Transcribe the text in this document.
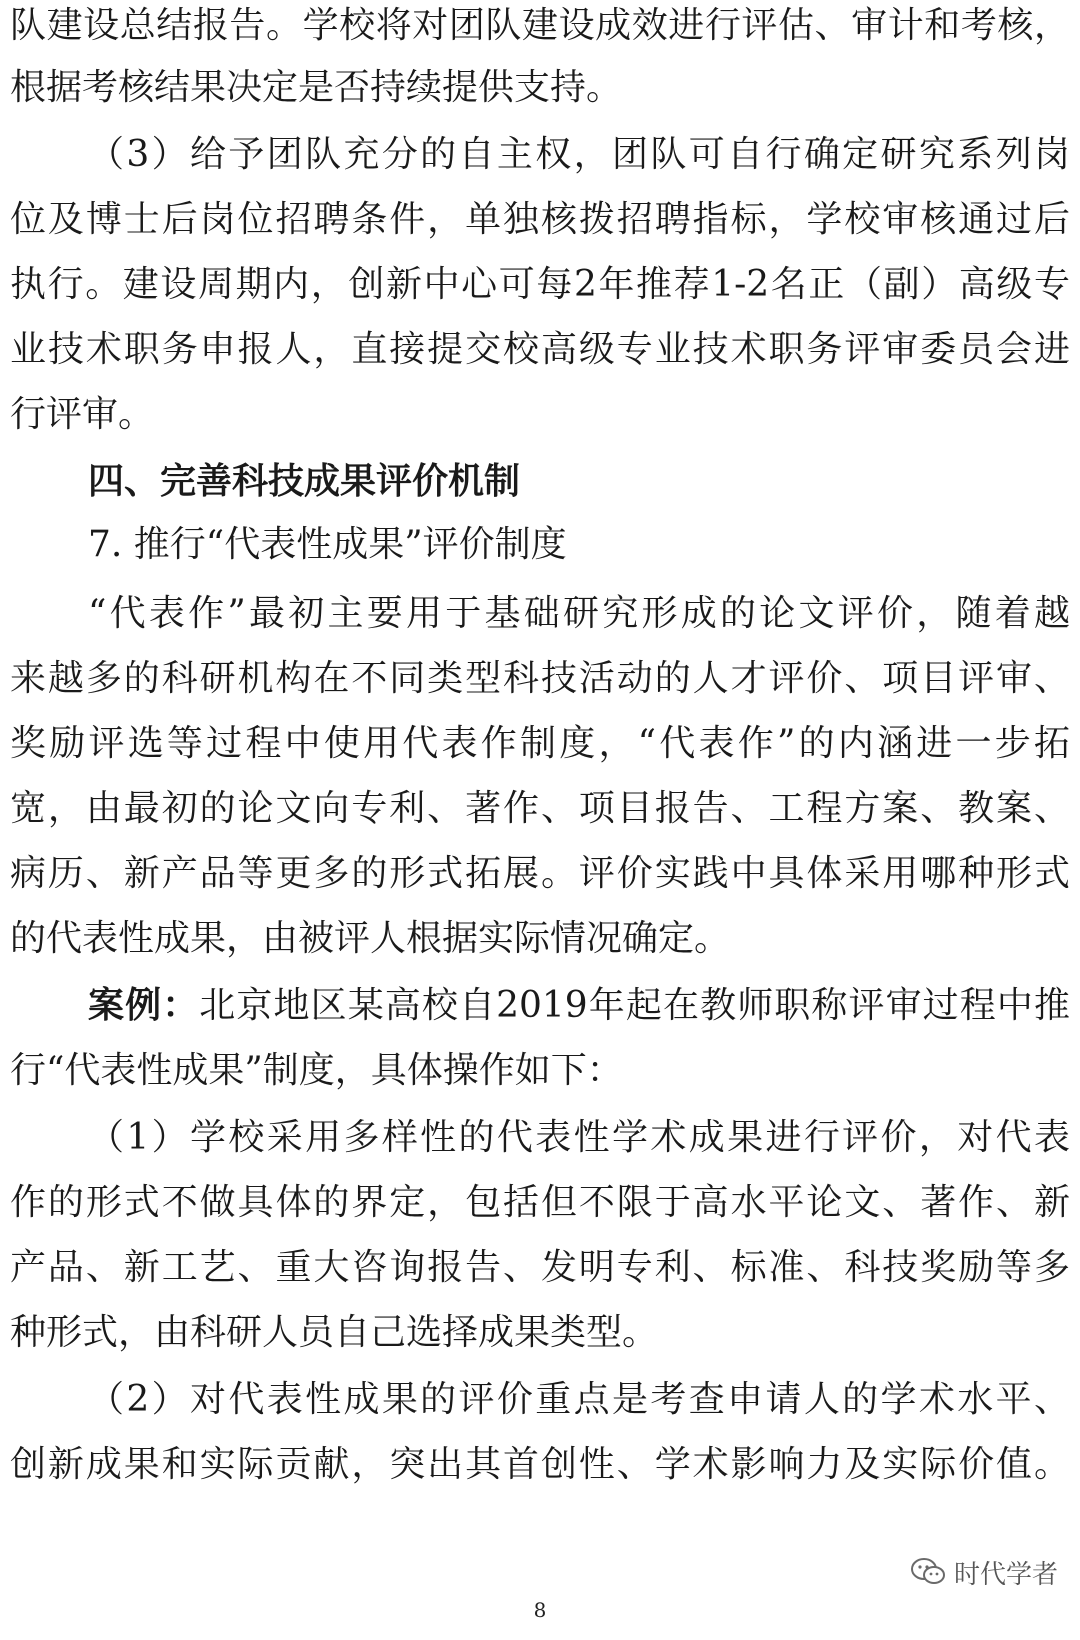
队建设总结报告。学校将对团队建设成效进行评估、审计和考核，
根据考核结果决定是否持续提供支持。
（3）给予团队充分的自主权，团队可自行确定研究系列岗
位及博士后岗位招聘条件，单独核拨招聘指标，学校审核通过后
执行。建设周期内，创新中心可每2年推荐1-2名正（副）高级专
业技术职务申报人，直接提交校高级专业技术职务评审委员会进
行评审。
四、完善科技成果评价机制
7. 推行“代表性成果”评价制度
“代表作”最初主要用于基础研究形成的论文评价，随着越
来越多的科研机构在不同类型科技活动的人才评价、项目评审、
奖励评选等过程中使用代表作制度，“代表作”的内涵进一步拓
宽，由最初的论文向专利、著作、项目报告、工程方案、教案、
病历、新产品等更多的形式拓展。评价实践中具体采用哪种形式
的代表性成果，由被评人根据实际情况确定。
案例：北京地区某高校自2019年起在教师职称评审过程中推
行“代表性成果”制度，具体操作如下：
（1）学校采用多样性的代表性学术成果进行评价，对代表
作的形式不做具体的界定，包括但不限于高水平论文、著作、新
产品、新工艺、重大咨询报告、发明专利、标准、科技奖励等多
种形式，由科研人员自己选择成果类型。
（2）对代表性成果的评价重点是考查申请人的学术水平、
创新成果和实际贡献，突出其首创性、学术影响力及实际价值。
时代学者
8
